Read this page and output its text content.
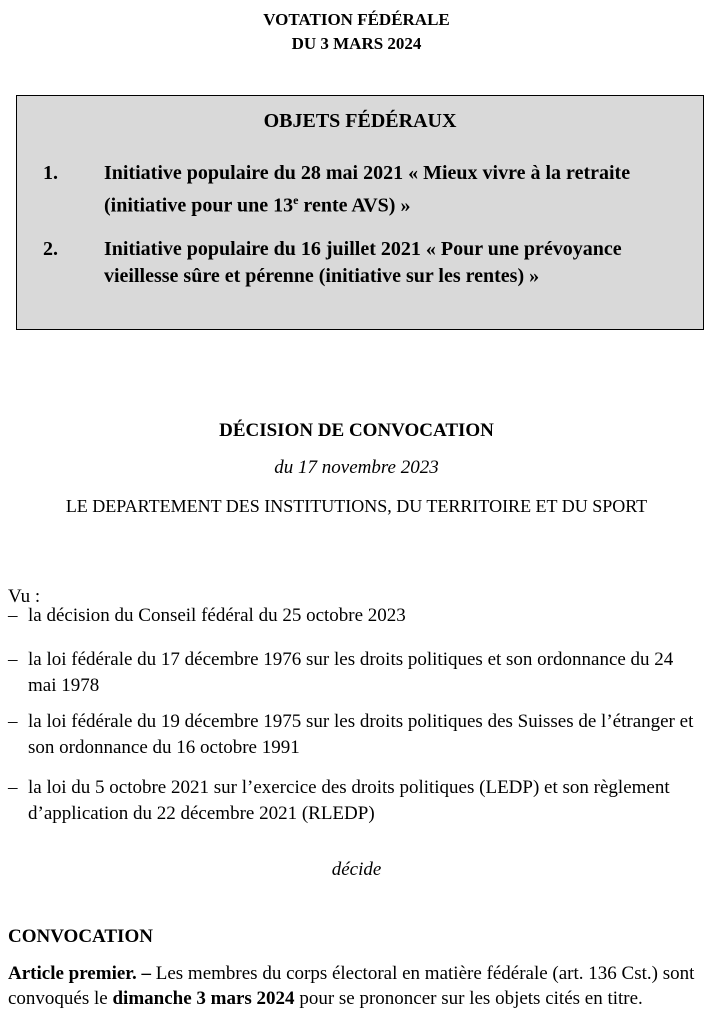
VOTATION FÉDÉRALE
DU 3 MARS 2024
OBJETS FÉDÉRAUX
1. Initiative populaire du 28 mai 2021 « Mieux vivre à la retraite (initiative pour une 13e rente AVS) »
2. Initiative populaire du 16 juillet 2021 « Pour une prévoyance vieillesse sûre et pérenne (initiative sur les rentes) »
DÉCISION DE CONVOCATION
du 17 novembre 2023
LE DEPARTEMENT DES INSTITUTIONS, DU TERRITOIRE ET DU SPORT
Vu :
– la décision du Conseil fédéral du 25 octobre 2023
– la loi fédérale du 17 décembre 1976 sur les droits politiques et son ordonnance du 24 mai 1978
– la loi fédérale du 19 décembre 1975 sur les droits politiques des Suisses de l’étranger et son ordonnance du 16 octobre 1991
– la loi du 5 octobre 2021 sur l’exercice des droits politiques (LEDP) et son règlement d’application du 22 décembre 2021 (RLEDP)
décide
CONVOCATION
Article premier. – Les membres du corps électoral en matière fédérale (art. 136 Cst.) sont convoqués le dimanche 3 mars 2024 pour se prononcer sur les objets cités en titre.
